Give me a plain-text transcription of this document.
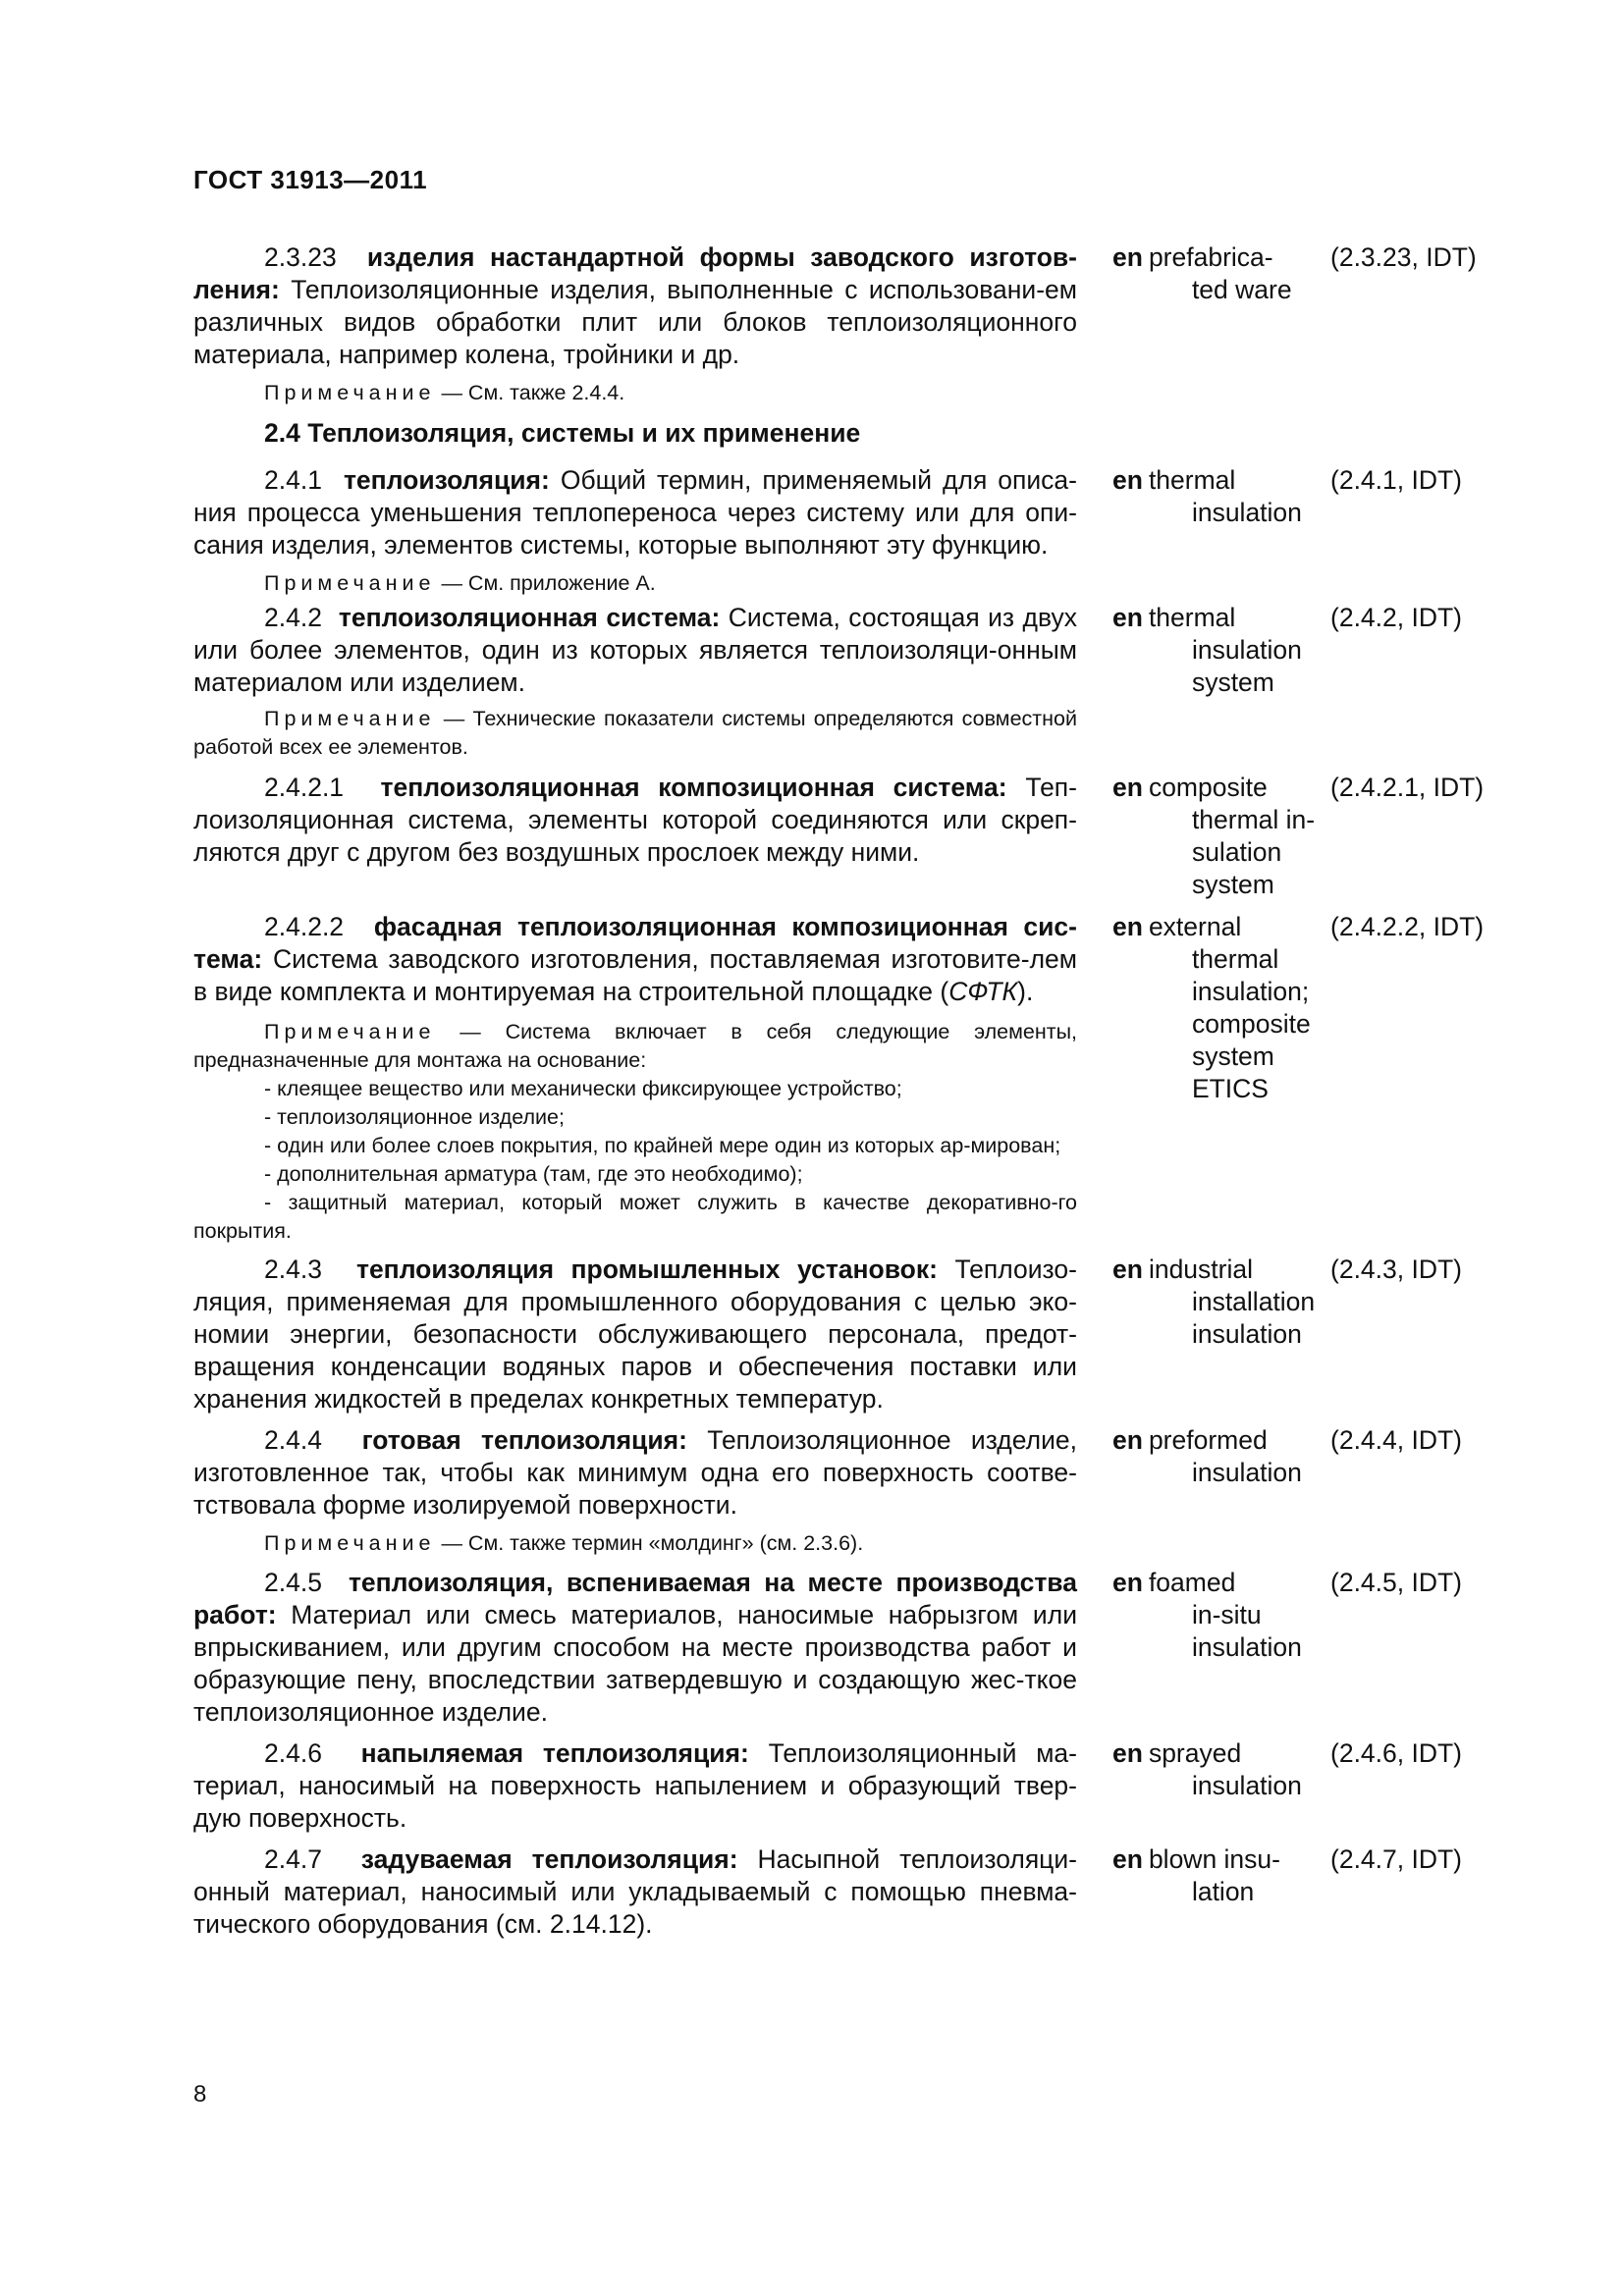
ГОСТ 31913—2011

2.3.23 изделия настандартной формы заводского изготов-ления: Теплоизоляционные изделия, выполненные с использовани-ем различных видов обработки плит или блоков теплоизоляционного материала, например колена, тройники и др.

en prefabrica-
ted ware
(2.3.23, IDT)

Примечание — См. также 2.4.4.

2.4 Теплоизоляция, системы и их применение

2.4.1 теплоизоляция: Общий термин, применяемый для описа-ния процесса уменьшения теплопереноса через систему или для опи-сания изделия, элементов системы, которые выполняют эту функцию.

en thermal
insulation
(2.4.1, IDT)

Примечание — См. приложение А.

2.4.2 теплоизоляционная система: Система, состоящая из двух или более элементов, один из которых является теплоизоляци-онным материалом или изделием.

Примечание — Технические показатели системы определяются совместной работой всех ее элементов.

en thermal
insulation
system
(2.4.2, IDT)

2.4.2.1 теплоизоляционная композиционная система: Теп-лоизоляционная система, элементы которой соединяются или скреп-ляются друг с другом без воздушных прослоек между ними.

en composite
thermal in-
sulation
system
(2.4.2.1, IDT)

2.4.2.2 фасадная теплоизоляционная композиционная сис-тема: Система заводского изготовления, поставляемая изготовите-лем в виде комплекта и монтируемая на строительной площадке (СФТК).

Примечание — Система включает в себя следующие элементы, предназначенные для монтажа на основание:

- клеящее вещество или механически фиксирующее устройство;

- теплоизоляционное изделие;

- один или более слоев покрытия, по крайней мере один из которых ар-мирован;

- дополнительная арматура (там, где это необходимо);

- защитный материал, который может служить в качестве декоративно-го покрытия.

en external
thermal
insulation;
composite
system
ETICS
(2.4.2.2, IDT)

2.4.3 теплоизоляция промышленных установок: Теплоизо-ляция, применяемая для промышленного оборудования с целью эко-номии энергии, безопасности обслуживающего персонала, предот-вращения конденсации водяных паров и обеспечения поставки или хранения жидкостей в пределах конкретных температур.

en industrial
installation
insulation
(2.4.3, IDT)

2.4.4 готовая теплоизоляция: Теплоизоляционное изделие, изготовленное так, чтобы как минимум одна его поверхность соотве-тствовала форме изолируемой поверхности.

en preformed
insulation
(2.4.4, IDT)

Примечание — См. также термин «молдинг» (см. 2.3.6).

2.4.5 теплоизоляция, вспениваемая на месте производства работ: Материал или смесь материалов, наносимые набрызгом или впрыскиванием, или другим способом на месте производства работ и образующие пену, впоследствии затвердевшую и создающую жес-ткое теплоизоляционное изделие.

en foamed
in-situ
insulation
(2.4.5, IDT)

2.4.6 напыляемая теплоизоляция: Теплоизоляционный ма-териал, наносимый на поверхность напылением и образующий твер-дую поверхность.

en sprayed
insulation
(2.4.6, IDT)

2.4.7 задуваемая теплоизоляция: Насыпной теплоизоляци-онный материал, наносимый или укладываемый с помощью пневма-тического оборудования (см. 2.14.12).

en blown insu-
lation
(2.4.7, IDT)
8
